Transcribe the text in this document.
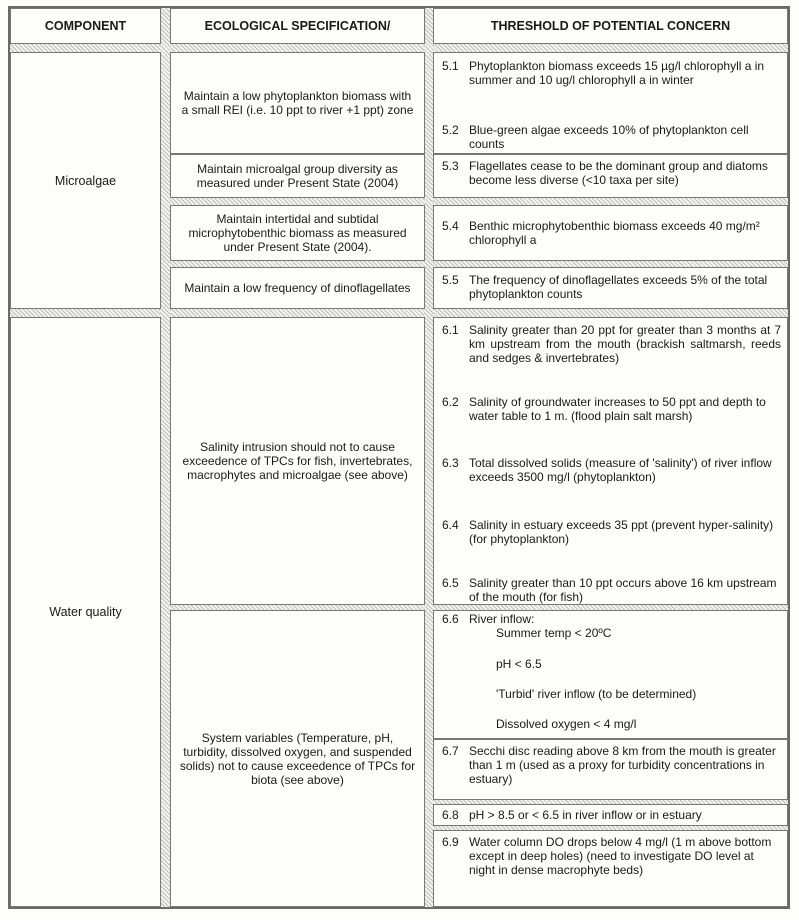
COMPONENT	ECOLOGICAL SPECIFICATION/	THRESHOLD OF POTENTIAL CONCERN
Microalgae
Maintain a low phytoplankton biomass with a small REI (i.e. 10 ppt to river +1 ppt) zone
Maintain microalgal group diversity as measured under Present State (2004)
Maintain intertidal and subtidal microphytobenthic biomass as measured under Present State (2004).
Maintain a low frequency of dinoflagellates
5.1 Phytoplankton biomass exceeds 15 µg/l chlorophyll a in summer and 10 ug/l chlorophyll a in winter
5.2 Blue-green algae exceeds 10% of phytoplankton cell counts
5.3 Flagellates cease to be the dominant group and diatoms become less diverse (<10 taxa per site)
5.4 Benthic microphytobenthic biomass exceeds 40 mg/m² chlorophyll a
5.5 The frequency of dinoflagellates exceeds 5% of the total phytoplankton counts
Water quality
Salinity intrusion should not to cause exceedence of TPCs for fish, invertebrates, macrophytes and microalgae (see above)
System variables (Temperature, pH, turbidity, dissolved oxygen, and suspended solids) not to cause exceedence of TPCs for biota (see above)
6.1 Salinity greater than 20 ppt for greater than 3 months at 7 km upstream from the mouth (brackish saltmarsh, reeds and sedges & invertebrates)
6.2 Salinity of groundwater increases to 50 ppt and depth to water table to 1 m. (flood plain salt marsh)
6.3 Total dissolved solids (measure of 'salinity') of river inflow exceeds 3500 mg/l (phytoplankton)
6.4 Salinity in estuary exceeds 35 ppt (prevent hyper-salinity) (for phytoplankton)
6.5 Salinity greater than 10 ppt occurs above 16 km upstream of the mouth (for fish)
6.6 River inflow:
Summer temp < 20ºC
pH < 6.5
'Turbid' river inflow (to be determined)
Dissolved oxygen < 4 mg/l
6.7 Secchi disc reading above 8 km from the mouth is greater than 1 m (used as a proxy for turbidity concentrations in estuary)
6.8 pH > 8.5 or < 6.5 in river inflow or in estuary
6.9 Water column DO drops below 4 mg/l (1 m above bottom except in deep holes) (need to investigate DO level at night in dense macrophyte beds)
